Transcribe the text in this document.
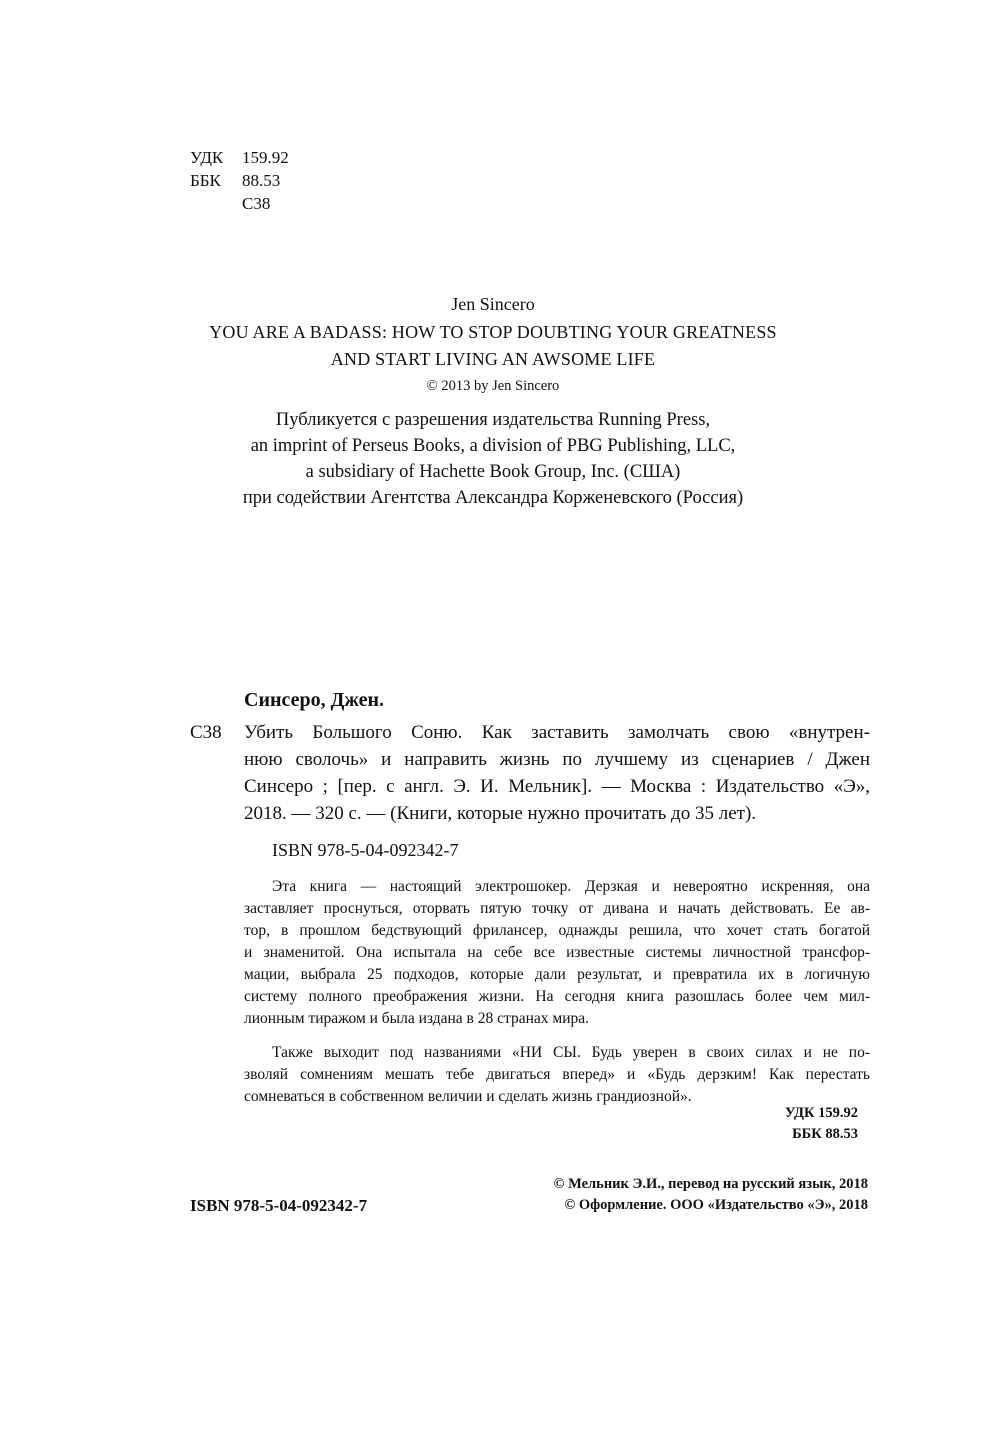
УДК	159.92
ББК	88.53
С38
Jen Sincero
YOU ARE A BADASS: HOW TO STOP DOUBTING YOUR GREATNESS
AND START LIVING AN AWSOME LIFE
© 2013 by Jen Sincero
Публикуется с разрешения издательства Running Press,
an imprint of Perseus Books, a division of PBG Publishing, LLC,
a subsidiary of Hachette Book Group, Inc. (США)
при содействии Агентства Александра Корженевского (Россия)
Синсеро, Джен.
С38 Убить Большого Соню. Как заставить замолчать свою «внутрен-
нюю сволочь» и направить жизнь по лучшему из сценариев / Джен
Синсеро ; [пер. с англ. Э. И. Мельник]. — Москва : Издательство «Э»,
2018. — 320 с. — (Книги, которые нужно прочитать до 35 лет).
ISBN 978-5-04-092342-7
Эта книга — настоящий электрошокер. Дерзкая и невероятно искренняя, она
заставляет проснуться, оторвать пятую точку от дивана и начать действовать. Ее ав-
тор, в прошлом бедствующий фрилансер, однажды решила, что хочет стать богатой
и знаменитой. Она испытала на себе все известные системы личностной трансфор-
мации, выбрала 25 подходов, которые дали результат, и превратила их в логичную
систему полного преображения жизни. На сегодня книга разошлась более чем мил-
лионным тиражом и была издана в 28 странах мира.
Также выходит под названиями «НИ СЫ. Будь уверен в своих силах и не по-
зволяй сомнениям мешать тебе двигаться вперед» и «Будь дерзким! Как перестать
сомневаться в собственном величии и сделать жизнь грандиозной».
УДК 159.92
ББК 88.53
ISBN 978-5-04-092342-7
© Мельник Э.И., перевод на русский язык, 2018
© Оформление. ООО «Издательство «Э», 2018
